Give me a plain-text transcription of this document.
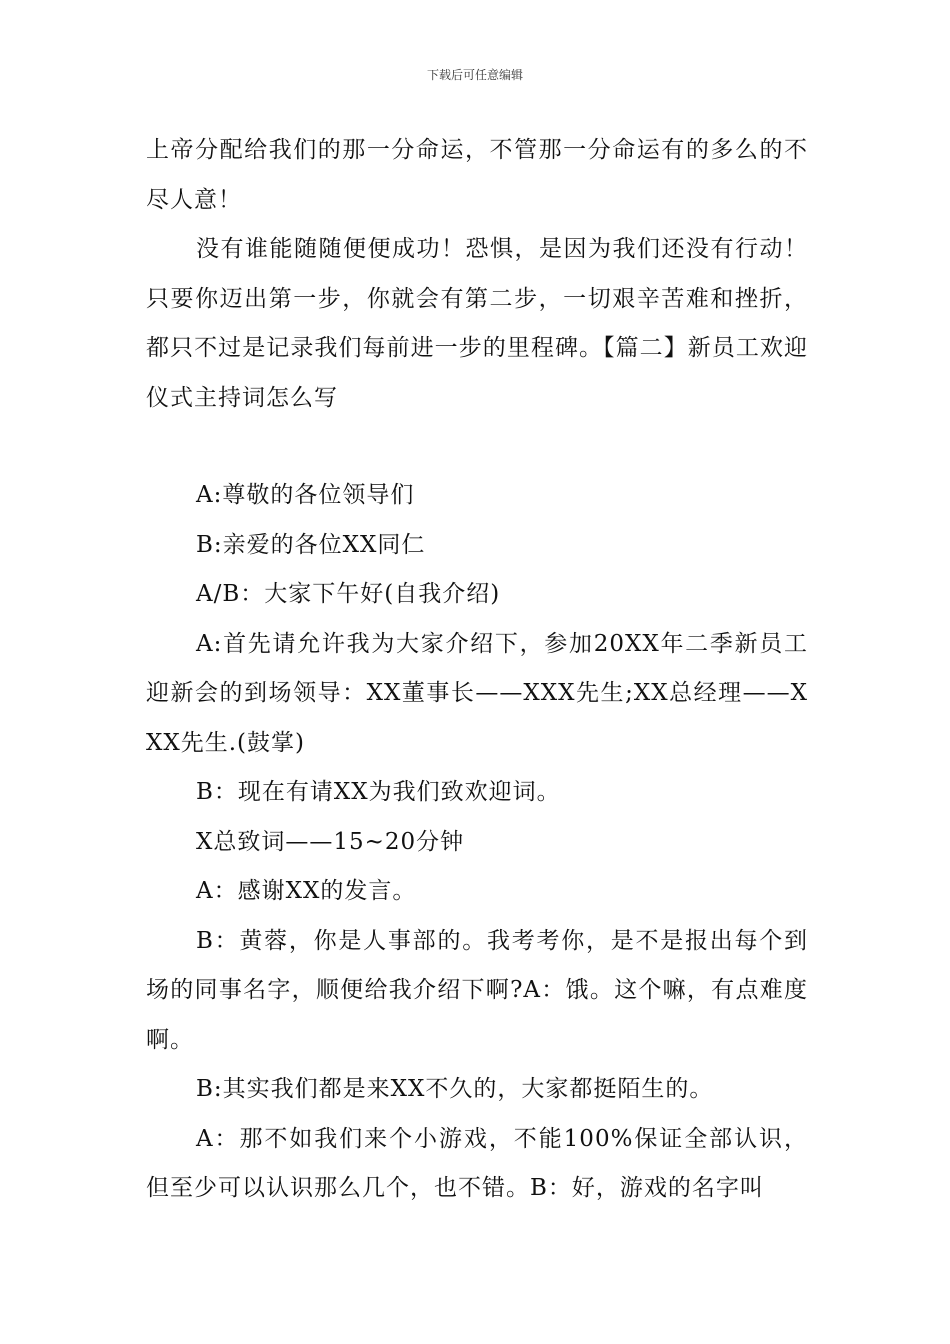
下载后可任意编辑

上帝分配给我们的那一分命运，不管那一分命运有的多么的不尽人意！

没有谁能随随便便成功！恐惧，是因为我们还没有行动！只要你迈出第一步，你就会有第二步，一切艰辛苦难和挫折，都只不过是记录我们每前进一步的里程碑。【篇二】新员工欢迎仪式主持词怎么写

A:尊敬的各位领导们

B:亲爱的各位XX同仁

A/B：大家下午好(自我介绍)

A:首先请允许我为大家介绍下，参加20XX年二季新员工迎新会的到场领导：XX董事长——XXX先生;XX总经理——XXX先生.(鼓掌)

B：现在有请XX为我们致欢迎词。

X总致词——15~20分钟

A：感谢XX的发言。

B：黄蓉，你是人事部的。我考考你，是不是报出每个到场的同事名字，顺便给我介绍下啊?A：饿。这个嘛，有点难度啊。

B:其实我们都是来XX不久的，大家都挺陌生的。

A：那不如我们来个小游戏，不能100%保证全部认识，但至少可以认识那么几个，也不错。B：好，游戏的名字叫
